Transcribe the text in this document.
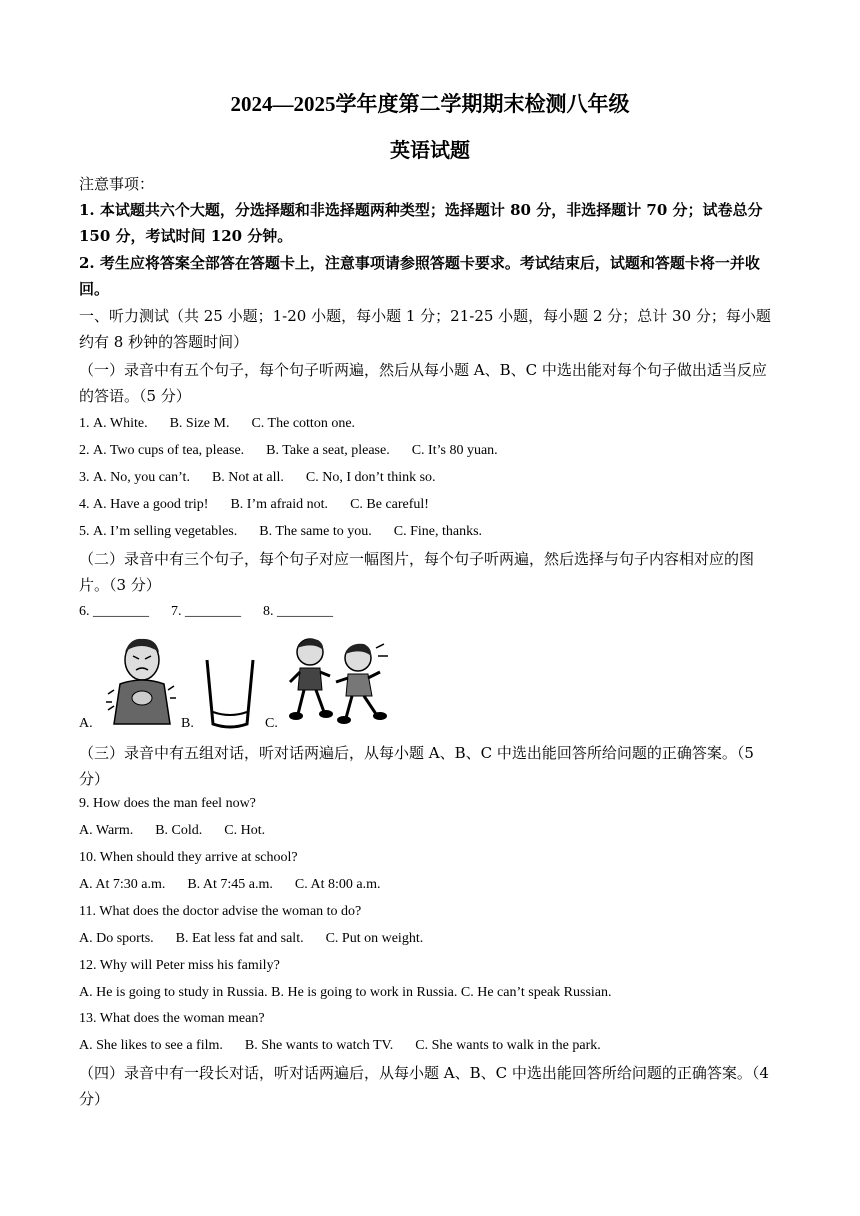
2024—2025学年度第二学期期末检测八年级
英语试题
注意事项：
1. 本试题共六个大题，分选择题和非选择题两种类型；选择题计 80 分，非选择题计 70 分；试卷总分 150 分，考试时间 120 分钟。
2. 考生应将答案全部答在答题卡上，注意事项请参照答题卡要求。考试结束后，试题和答题卡将一并收回。
一、听力测试（共 25 小题；1-20 小题，每小题 1 分；21-25 小题，每小题 2 分；总计 30 分；每小题约有 8 秒钟的答题时间）
（一）录音中有五个句子，每个句子听两遍，然后从每小题 A、B、C 中选出能对每个句子做出适当反应的答语。（5 分）
1. A. White. B. Size M. C. The cotton one.
2. A. Two cups of tea, please. B. Take a seat, please. C. It’s 80 yuan.
3. A. No, you can’t. B. Not at all. C. No, I don’t think so.
4. A. Have a good trip! B. I’m afraid not. C. Be careful!
5. A. I’m selling vegetables. B. The same to you. C. Fine, thanks.
（二）录音中有三个句子，每个句子对应一幅图片，每个句子听两遍，然后选择与句子内容相对应的图片。（3 分）
6. ________ 7. ________ 8. ________
A.	B.	C.
（三）录音中有五组对话，听对话两遍后，从每小题 A、B、C 中选出能回答所给问题的正确答案。（5 分）
9. How does the man feel now?
A. Warm. B. Cold. C. Hot.
10. When should they arrive at school?
A. At 7:30 a.m. B. At 7:45 a.m. C. At 8:00 a.m.
11. What does the doctor advise the woman to do?
A. Do sports. B. Eat less fat and salt. C. Put on weight.
12. Why will Peter miss his family?
A. He is going to study in Russia. B. He is going to work in Russia. C. He can’t speak Russian.
13. What does the woman mean?
A. She likes to see a film. B. She wants to watch TV. C. She wants to walk in the park.
（四）录音中有一段长对话，听对话两遍后，从每小题 A、B、C 中选出能回答所给问题的正确答案。（4 分）
